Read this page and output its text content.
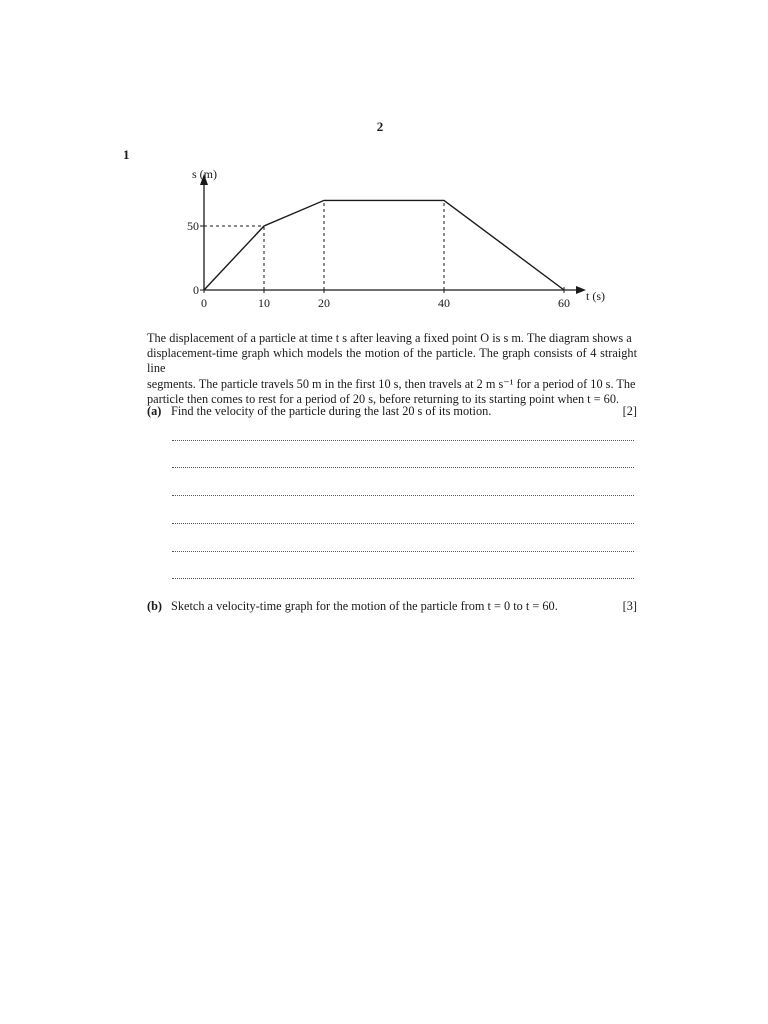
2
1
0	10	20	40	60
0
50
s (m)
t (s)

The displacement of a particle at time t s after leaving a fixed point O is s m. The diagram shows a

displacement-time graph which models the motion of the particle. The graph consists of 4 straight line

segments. The particle travels 50 m in the first 10 s, then travels at 2 m s⁻¹ for a period of 10 s. The

particle then comes to rest for a period of 20 s, before returning to its starting point when t = 60.

(a) Find the velocity of the particle during the last 20 s of its motion.	[2]
(b) Sketch a velocity-time graph for the motion of the particle from t = 0 to t = 60.	[3]
